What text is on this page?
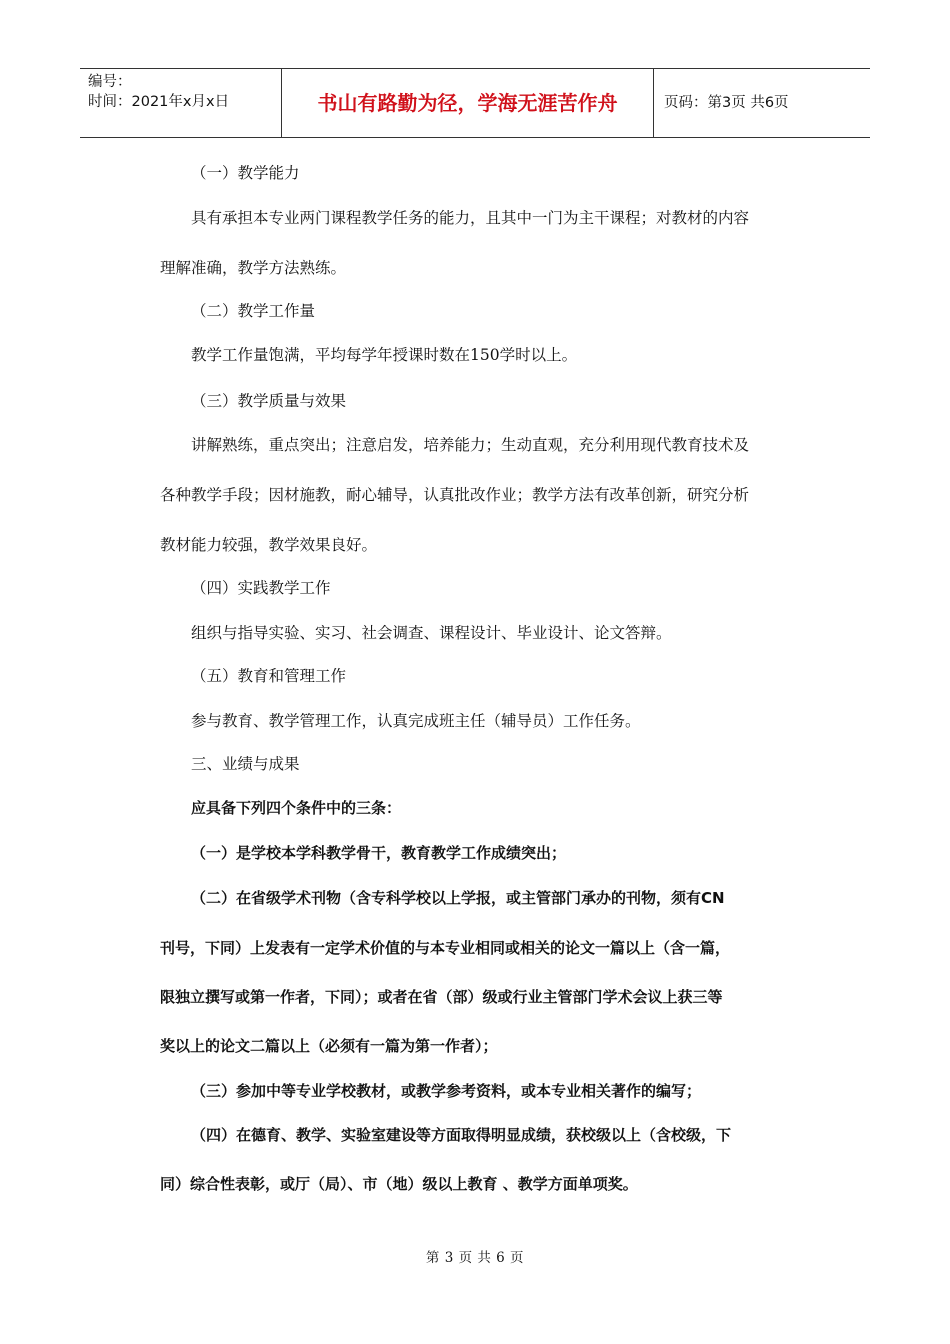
编号：
时间：2021年x月x日	书山有路勤为径，学海无涯苦作舟	页码：第3页 共6页
（一）教学能力
具有承担本专业两门课程教学任务的能力，且其中一门为主干课程；对教材的内容
理解准确，教学方法熟练。
（二）教学工作量
教学工作量饱满，平均每学年授课时数在150学时以上。
（三）教学质量与效果
讲解熟练，重点突出；注意启发，培养能力；生动直观，充分利用现代教育技术及
各种教学手段；因材施教，耐心辅导，认真批改作业；教学方法有改革创新，研究分析
教材能力较强，教学效果良好。
（四）实践教学工作
组织与指导实验、实习、社会调查、课程设计、毕业设计、论文答辩。
（五）教育和管理工作
参与教育、教学管理工作，认真完成班主任（辅导员）工作任务。
三、业绩与成果
应具备下列四个条件中的三条：
（一）是学校本学科教学骨干，教育教学工作成绩突出；
（二）在省级学术刊物（含专科学校以上学报，或主管部门承办的刊物，须有CN
刊号，下同）上发表有一定学术价值的与本专业相同或相关的论文一篇以上（含一篇，
限独立撰写或第一作者，下同）；或者在省（部）级或行业主管部门学术会议上获三等
奖以上的论文二篇以上（必须有一篇为第一作者）；
（三）参加中等专业学校教材，或教学参考资料，或本专业相关著作的编写；
（四）在德育、教学、实验室建设等方面取得明显成绩，获校级以上（含校级，下
同）综合性表彰，或厅（局）、市（地）级以上教育 、教学方面单项奖。
第 3 页 共 6 页
